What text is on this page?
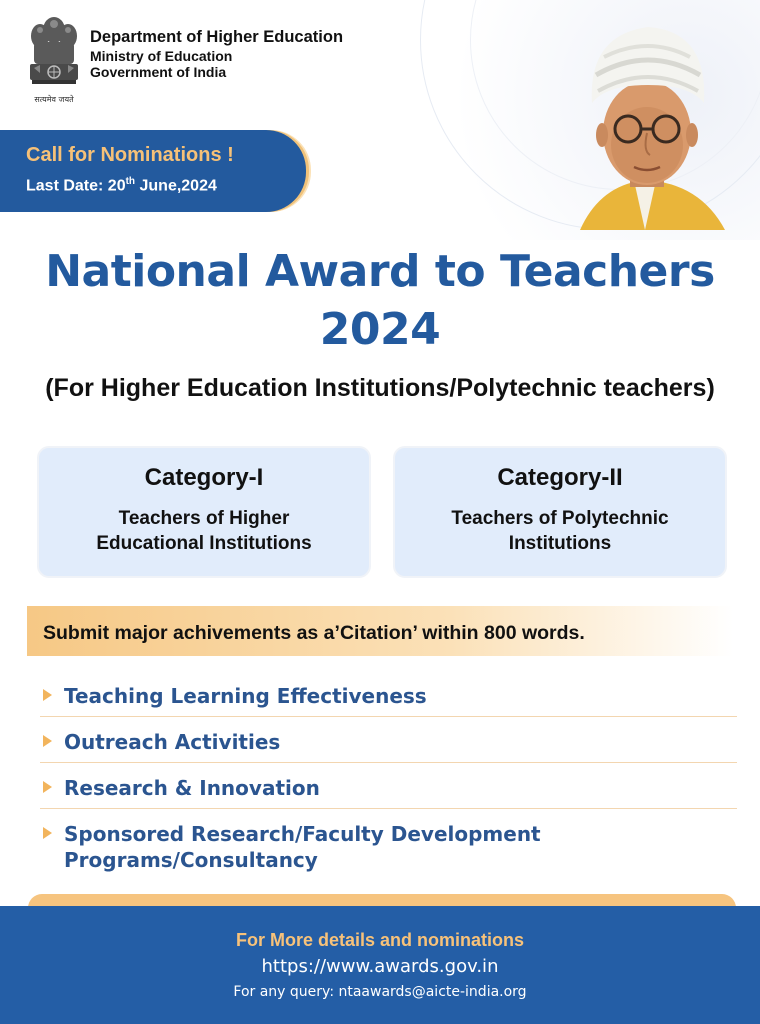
सत्यमेव जयते
Department of Higher Education
Ministry of Education
Government of India
Call for Nominations !
Last Date: 20th June,2024
National Award to Teachers
2024
(For Higher Education Institutions/Polytechnic teachers)
Category-I
Teachers of Higher
Educational Institutions
Category-II
Teachers of Polytechnic
Institutions
Submit major achivements as a’Citation’ within 800 words.
Teaching Learning Effectiveness
Outreach Activities
Research & Innovation
Sponsored Research/Faculty Development
Programs/Consultancy
For More details and nominations
https://www.awards.gov.in
For any query: ntaawards@aicte-india.org
